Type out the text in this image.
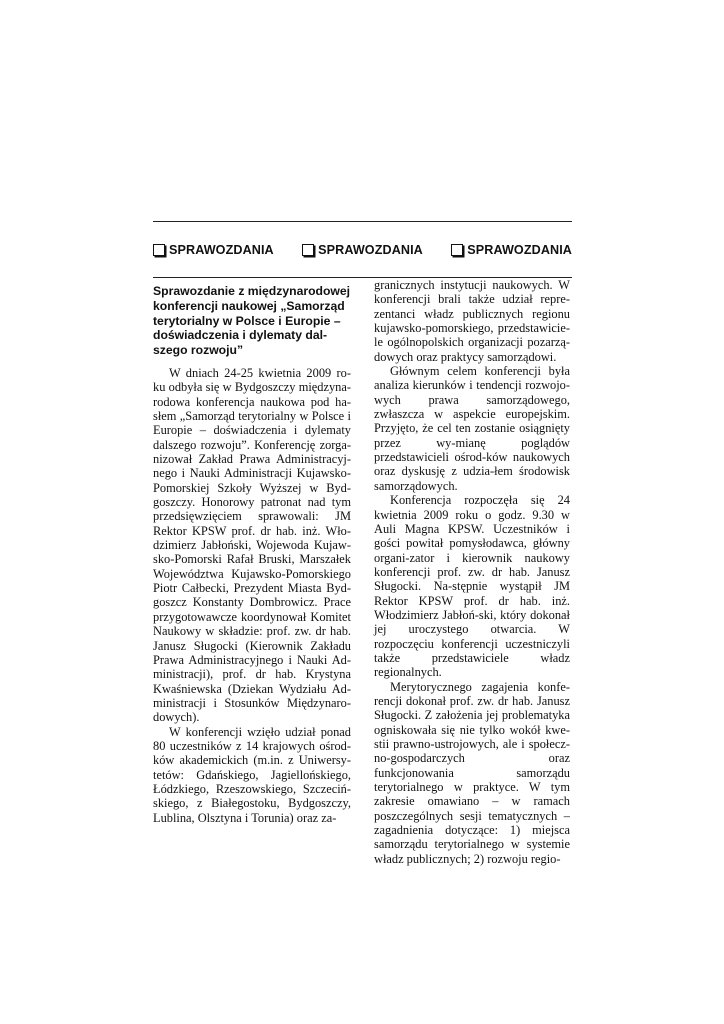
SPRAWOZDANIA	SPRAWOZDANIA	SPRAWOZDANIA
Sprawozdanie z międzynarodowej konferencji naukowej „Samorząd terytorialny w Polsce i Europie – doświadczenia i dylematy dal-szego rozwoju”

W dniach 24-25 kwietnia 2009 ro-ku odbyła się w Bydgoszczy międzyna-rodowa konferencja naukowa pod ha-słem „Samorząd terytorialny w Polsce i Europie – doświadczenia i dylematy dalszego rozwoju”. Konferencję zorga-nizował Zakład Prawa Administracyj-nego i Nauki Administracji Kujawsko-Pomorskiej Szkoły Wyższej w Byd-goszczy. Honorowy patronat nad tym przedsięwzięciem sprawowali: JM Rektor KPSW prof. dr hab. inż. Wło-dzimierz Jabłoński, Wojewoda Kujaw-sko-Pomorski Rafał Bruski, Marszałek Województwa Kujawsko-Pomorskiego Piotr Całbecki, Prezydent Miasta Byd-goszcz Konstanty Dombrowicz. Prace przygotowawcze koordynował Komitet Naukowy w składzie: prof. zw. dr hab. Janusz Sługocki (Kierownik Zakładu Prawa Administracyjnego i Nauki Ad-ministracji), prof. dr hab. Krystyna Kwaśniewska (Dziekan Wydziału Ad-ministracji i Stosunków Międzynaro-dowych).

W konferencji wzięło udział ponad 80 uczestników z 14 krajowych ośrod-ków akademickich (m.in. z Uniwersy-tetów: Gdańskiego, Jagiellońskiego, Łódzkiego, Rzeszowskiego, Szczeciń-skiego, z Białegostoku, Bydgoszczy, Lublina, Olsztyna i Torunia) oraz za-

granicznych instytucji naukowych. W konferencji brali także udział repre-zentanci władz publicznych regionu kujawsko-pomorskiego, przedstawicie-le ogólnopolskich organizacji pozarzą-dowych oraz praktycy samorządowi.

Głównym celem konferencji była analiza kierunków i tendencji rozwojo-wych prawa samorządowego, zwłaszcza w aspekcie europejskim. Przyjęto, że cel ten zostanie osiągnięty przez wy-mianę poglądów przedstawicieli ośrod-ków naukowych oraz dyskusję z udzia-łem środowisk samorządowych.

Konferencja rozpoczęła się 24 kwietnia 2009 roku o godz. 9.30 w Auli Magna KPSW. Uczestników i gości powitał pomysłodawca, główny organi-zator i kierownik naukowy konferencji prof. zw. dr hab. Janusz Sługocki. Na-stępnie wystąpił JM Rektor KPSW prof. dr hab. inż. Włodzimierz Jabłoń-ski, który dokonał jej uroczystego otwarcia. W rozpoczęciu konferencji uczestniczyli także przedstawiciele władz regionalnych.

Merytorycznego zagajenia konfe-rencji dokonał prof. zw. dr hab. Janusz Sługocki. Z założenia jej problematyka ogniskowała się nie tylko wokół kwe-stii prawno-ustrojowych, ale i społecz-no-gospodarczych oraz funkcjonowania samorządu terytorialnego w praktyce. W tym zakresie omawiano – w ramach poszczególnych sesji tematycznych – zagadnienia dotyczące: 1) miejsca samorządu terytorialnego w systemie władz publicznych; 2) rozwoju regio-
